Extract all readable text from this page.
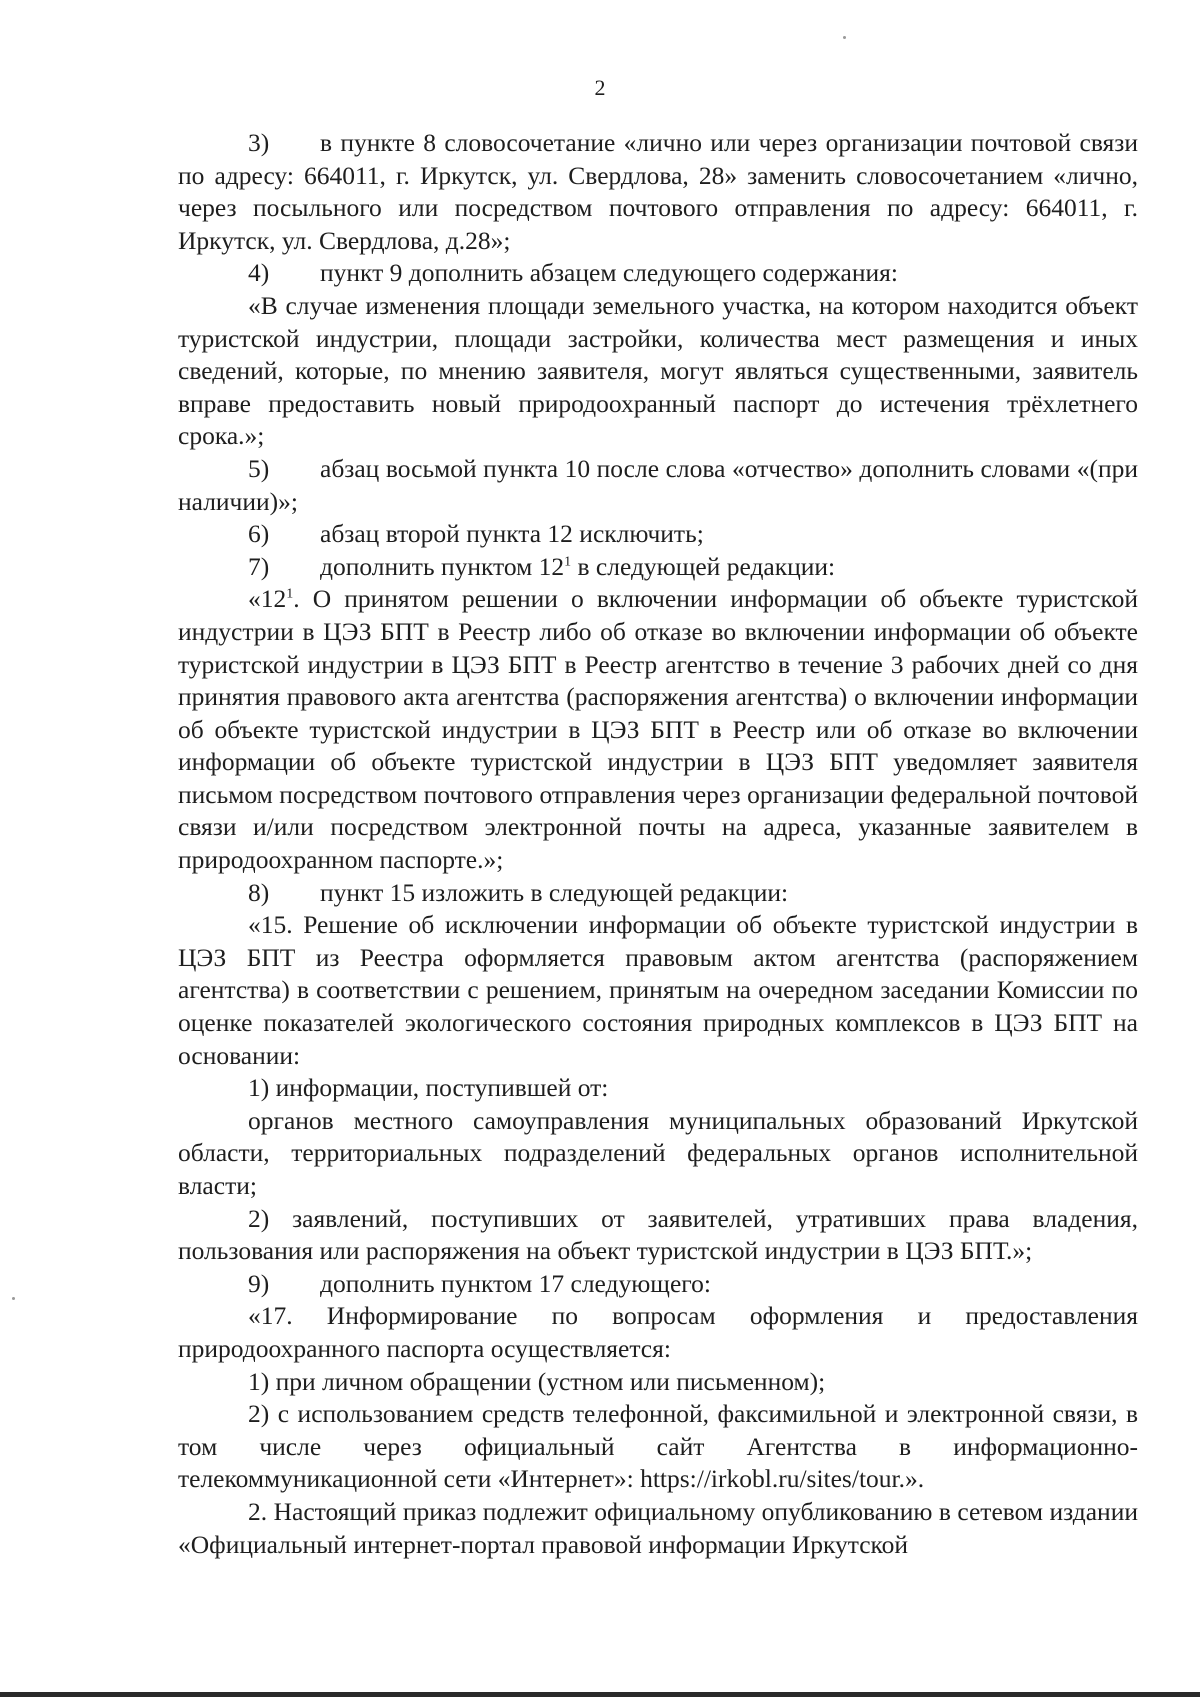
2

3) в пункте 8 словосочетание «лично или через организации почтовой связи по адресу: 664011, г. Иркутск, ул. Свердлова, 28» заменить словосочетанием «лично, через посыльного или посредством почтового отправления по адресу: 664011, г. Иркутск, ул. Свердлова, д.28»;

4) пункт 9 дополнить абзацем следующего содержания:

«В случае изменения площади земельного участка, на котором находится объект туристской индустрии, площади застройки, количества мест размещения и иных сведений, которые, по мнению заявителя, могут являться существенными, заявитель вправе предоставить новый природоохранный паспорт до истечения трёхлетнего срока.»;

5) абзац восьмой пункта 10 после слова «отчество» дополнить словами «(при наличии)»;

6) абзац второй пункта 12 исключить;

7) дополнить пунктом $12^1$ в следующей редакции:

«$12^1$. О принятом решении о включении информации об объекте туристской индустрии в ЦЭЗ БПТ в Реестр либо об отказе во включении информации об объекте туристской индустрии в ЦЭЗ БПТ в Реестр агентство в течение 3 рабочих дней со дня принятия правового акта агентства (распоряжения агентства) о включении информации об объекте туристской индустрии в ЦЭЗ БПТ в Реестр или об отказе во включении информации об объекте туристской индустрии в ЦЭЗ БПТ уведомляет заявителя письмом посредством почтового отправления через организации федеральной почтовой связи и/или посредством электронной почты на адреса, указанные заявителем в природоохранном паспорте.»;

8) пункт 15 изложить в следующей редакции:

«15. Решение об исключении информации об объекте туристской индустрии в ЦЭЗ БПТ из Реестра оформляется правовым актом агентства (распоряжением агентства) в соответствии с решением, принятым на очередном заседании Комиссии по оценке показателей экологического состояния природных комплексов в ЦЭЗ БПТ на основании:

1) информации, поступившей от:

органов местного самоуправления муниципальных образований Иркутской области, территориальных подразделений федеральных органов исполнительной власти;

2) заявлений, поступивших от заявителей, утративших права владения, пользования или распоряжения на объект туристской индустрии в ЦЭЗ БПТ.»;

9) дополнить пунктом 17 следующего:

«17. Информирование по вопросам оформления и предоставления природоохранного паспорта осуществляется:

1) при личном обращении (устном или письменном);

2) с использованием средств телефонной, факсимильной и электронной связи, в том числе через официальный сайт Агентства в информационно-телекоммуникационной сети «Интернет»: https://irkobl.ru/sites/tour.».

2. Настоящий приказ подлежит официальному опубликованию в сетевом издании «Официальный интернет-портал правовой информации Иркутской
